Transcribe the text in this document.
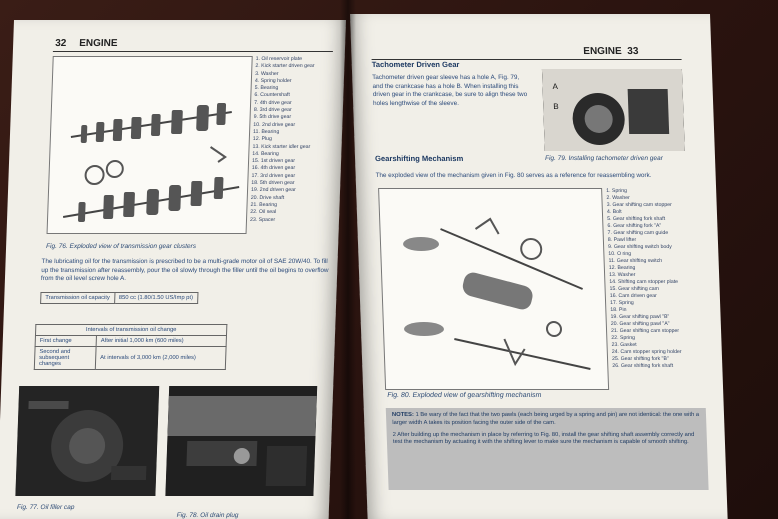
32 ENGINE
1. Oil reservoir plate
2. Kick starter driven gear
3. Washer
4. Spring holder
5. Bearing
6. Countershaft
7. 4th drive gear
8. 3rd drive gear
9. 5th drive gear
10. 2nd drive gear
11. Bearing
12. Plug
13. Kick starter idler gear
14. Bearing
15. 1st driven gear
16. 4th driven gear
17. 3rd driven gear
18. 5th driven gear
19. 2nd driven gear
20. Drive shaft
21. Bearing
22. Oil seal
23. Spacer
Fig. 76. Exploded view of transmission gear clusters
The lubricating oil for the transmission is prescribed to be a multi-grade motor oil of SAE 20W/40. To fill up the transmission after reassembly, pour the oil slowly through the filler until the oil begins to overflow from the oil level screw hole A.
Transmission oil capacity	850 cc (1.80/1.50 US/Imp pt)
Intervals of transmission oil change	
First change	After initial 1,000 km (600 miles)
Second and subsequent changes	At intervals of 3,000 km (2,000 miles)
Fig. 77. Oil filler cap
Fig. 78. Oil drain plug
ENGINE 33
Tachometer Driven Gear
Tachometer driven gear sleeve has a hole A, Fig. 79, and the crankcase has a hole B. When installing this driven gear in the crankcase, be sure to align these two holes lengthwise of the sleeve.
A
B
Fig. 79. Installing tachometer driven gear
Gearshifting Mechanism
The exploded view of the mechanism given in Fig. 80 serves as a reference for reassembling work.
1. Spring
2. Washer
3. Gear shifting cam stopper
4. Bolt
5. Gear shifting fork shaft
6. Gear shifting fork "A"
7. Gear shifting cam guide
8. Pawl lifter
9. Gear shifting switch body
10. O ring
11. Gear shifting switch
12. Bearing
13. Washer
14. Shifting cam stopper plate
15. Gear shifting cam
16. Cam driven gear
17. Spring
18. Pin
19. Gear shifting pawl "B"
20. Gear shifting pawl "A"
21. Gear shifting cam stopper
22. Spring
23. Gasket
24. Cam stopper spring holder
25. Gear shifting fork "B"
26. Gear shifting fork shaft
Fig. 80. Exploded view of gearshifting mechanism
NOTES: 1 Be wary of the fact that the two pawls (each being urged by a spring and pin) are not identical: the one with a larger width A takes its position facing the outer side of the cam.
2 After building up the mechanism in place by referring to Fig. 80, install the gear shifting shaft assembly correctly and test the mechanism by actuating it with the shifting lever to make sure the mechanism is capable of smooth shifting.
